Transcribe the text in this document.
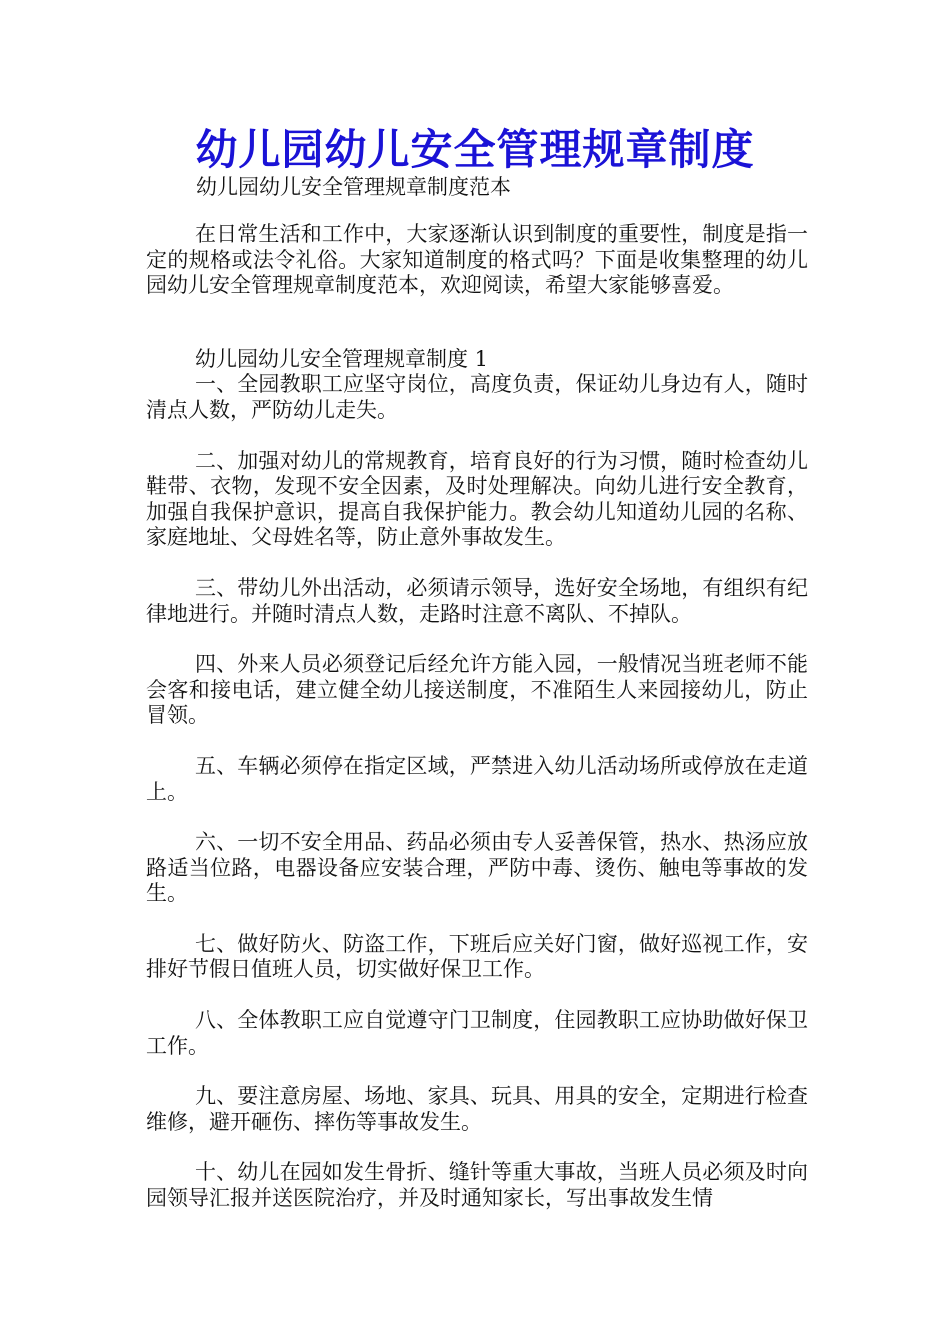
幼儿园幼儿安全管理规章制度

幼儿园幼儿安全管理规章制度范本

在日常生活和工作中，大家逐渐认识到制度的重要性，制度是指一定的规格或法令礼俗。大家知道制度的格式吗？下面是收集整理的幼儿园幼儿安全管理规章制度范本，欢迎阅读，希望大家能够喜爱。

幼儿园幼儿安全管理规章制度 1

一、全园教职工应坚守岗位，高度负责，保证幼儿身边有人，随时清点人数，严防幼儿走失。

二、加强对幼儿的常规教育，培育良好的行为习惯，随时检查幼儿鞋带、衣物，发现不安全因素，及时处理解决。向幼儿进行安全教育，加强自我保护意识，提高自我保护能力。教会幼儿知道幼儿园的名称、家庭地址、父母姓名等，防止意外事故发生。

三、带幼儿外出活动，必须请示领导，选好安全场地，有组织有纪律地进行。并随时清点人数，走路时注意不离队、不掉队。

四、外来人员必须登记后经允许方能入园，一般情况当班老师不能会客和接电话，建立健全幼儿接送制度，不准陌生人来园接幼儿，防止冒领。

五、车辆必须停在指定区域，严禁进入幼儿活动场所或停放在走道上。

六、一切不安全用品、药品必须由专人妥善保管，热水、热汤应放路适当位路，电器设备应安装合理，严防中毒、烫伤、触电等事故的发生。

七、做好防火、防盗工作，下班后应关好门窗，做好巡视工作，安排好节假日值班人员，切实做好保卫工作。

八、全体教职工应自觉遵守门卫制度，住园教职工应协助做好保卫工作。

九、要注意房屋、场地、家具、玩具、用具的安全，定期进行检查维修，避开砸伤、摔伤等事故发生。

十、幼儿在园如发生骨折、缝针等重大事故，当班人员必须及时向园领导汇报并送医院治疗，并及时通知家长，写出事故发生情
